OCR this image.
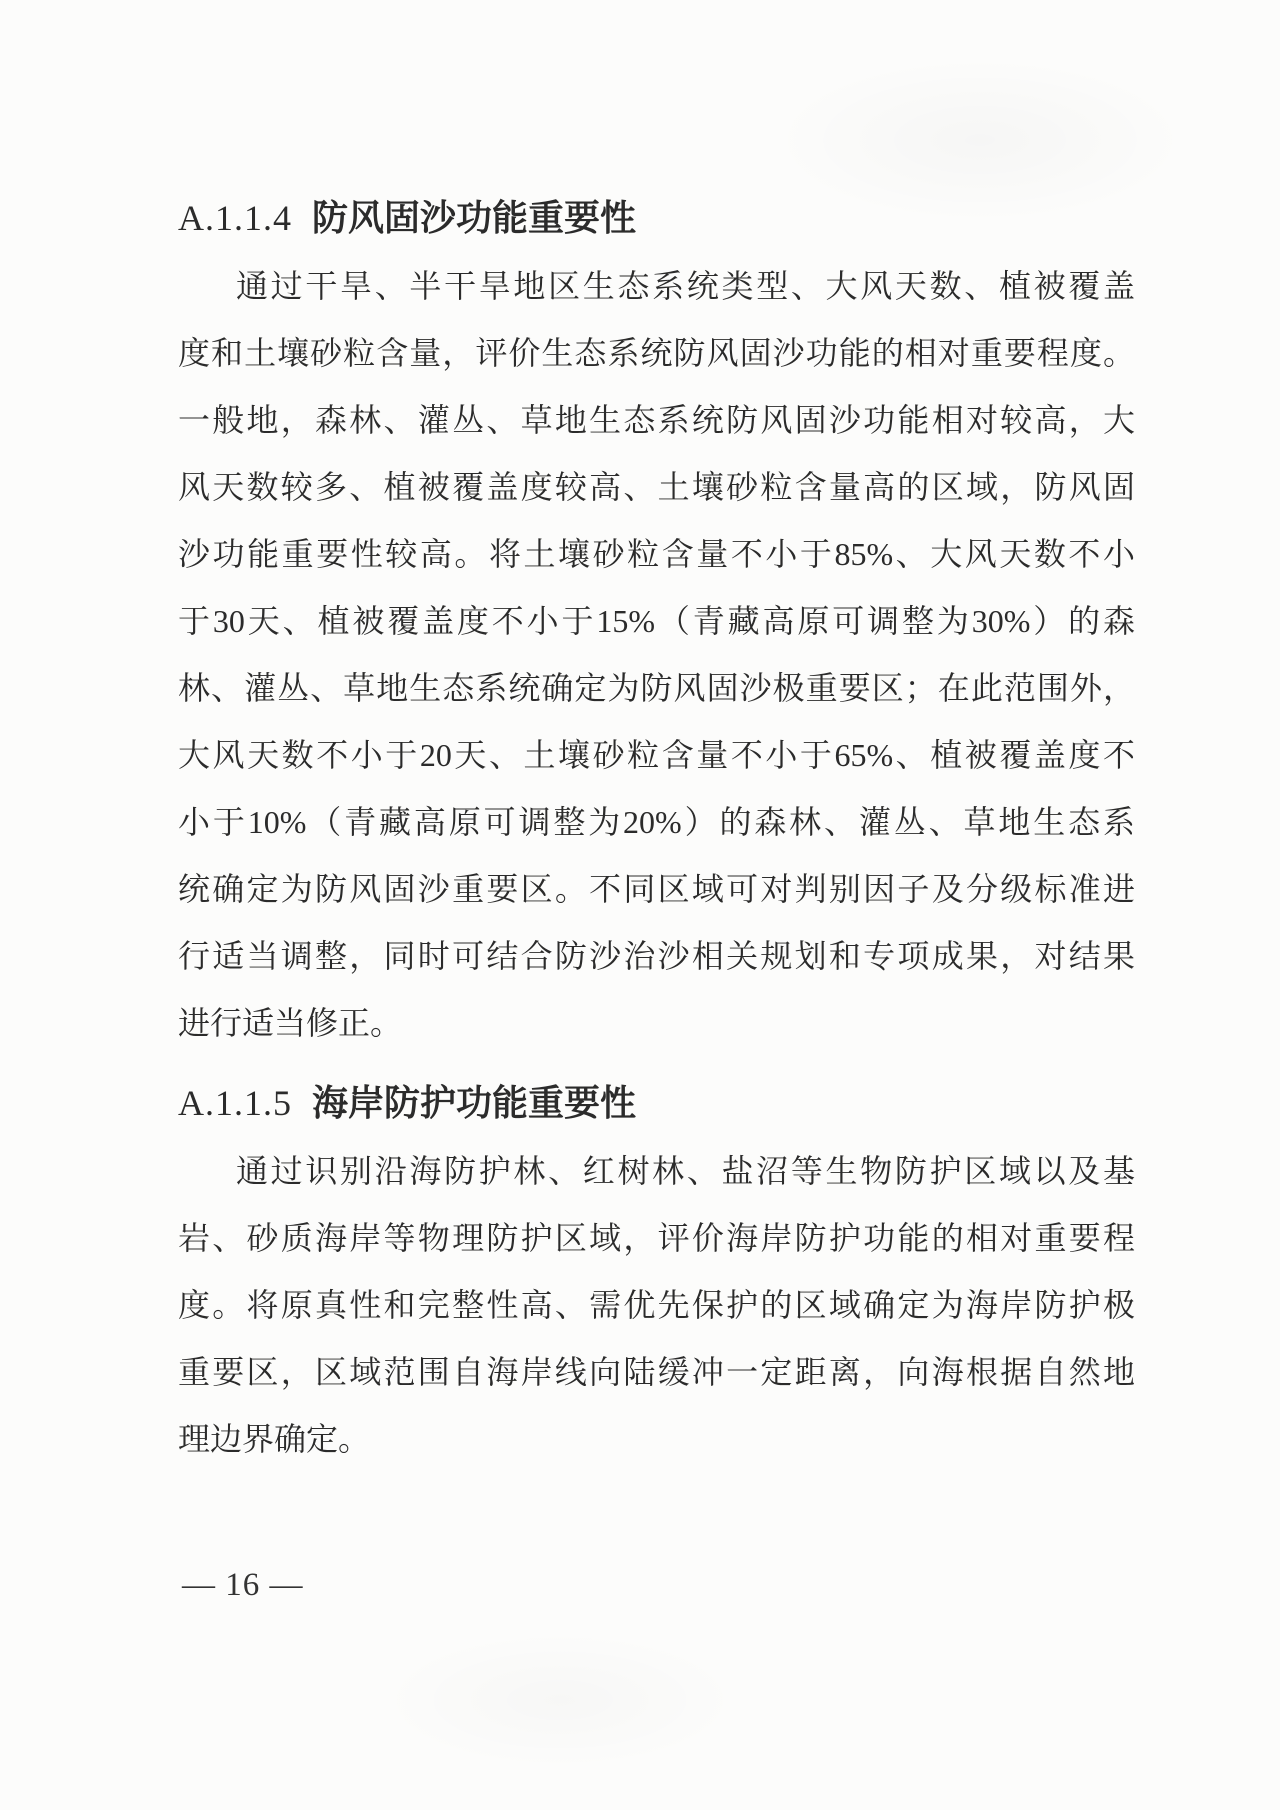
A.1.1.4 防风固沙功能重要性
通过干旱、半干旱地区生态系统类型、大风天数、植被覆盖
度和土壤砂粒含量，评价生态系统防风固沙功能的相对重要程度。
一般地，森林、灌丛、草地生态系统防风固沙功能相对较高，大
风天数较多、植被覆盖度较高、土壤砂粒含量高的区域，防风固
沙功能重要性较高。将土壤砂粒含量不小于85%、大风天数不小
于30天、植被覆盖度不小于15%（青藏高原可调整为30%）的森
林、灌丛、草地生态系统确定为防风固沙极重要区；在此范围外，
大风天数不小于20天、土壤砂粒含量不小于65%、植被覆盖度不
小于10%（青藏高原可调整为20%）的森林、灌丛、草地生态系
统确定为防风固沙重要区。不同区域可对判别因子及分级标准进
行适当调整，同时可结合防沙治沙相关规划和专项成果，对结果
进行适当修正。
A.1.1.5 海岸防护功能重要性
通过识别沿海防护林、红树林、盐沼等生物防护区域以及基
岩、砂质海岸等物理防护区域，评价海岸防护功能的相对重要程
度。将原真性和完整性高、需优先保护的区域确定为海岸防护极
重要区，区域范围自海岸线向陆缓冲一定距离，向海根据自然地
理边界确定。
— 16 —
